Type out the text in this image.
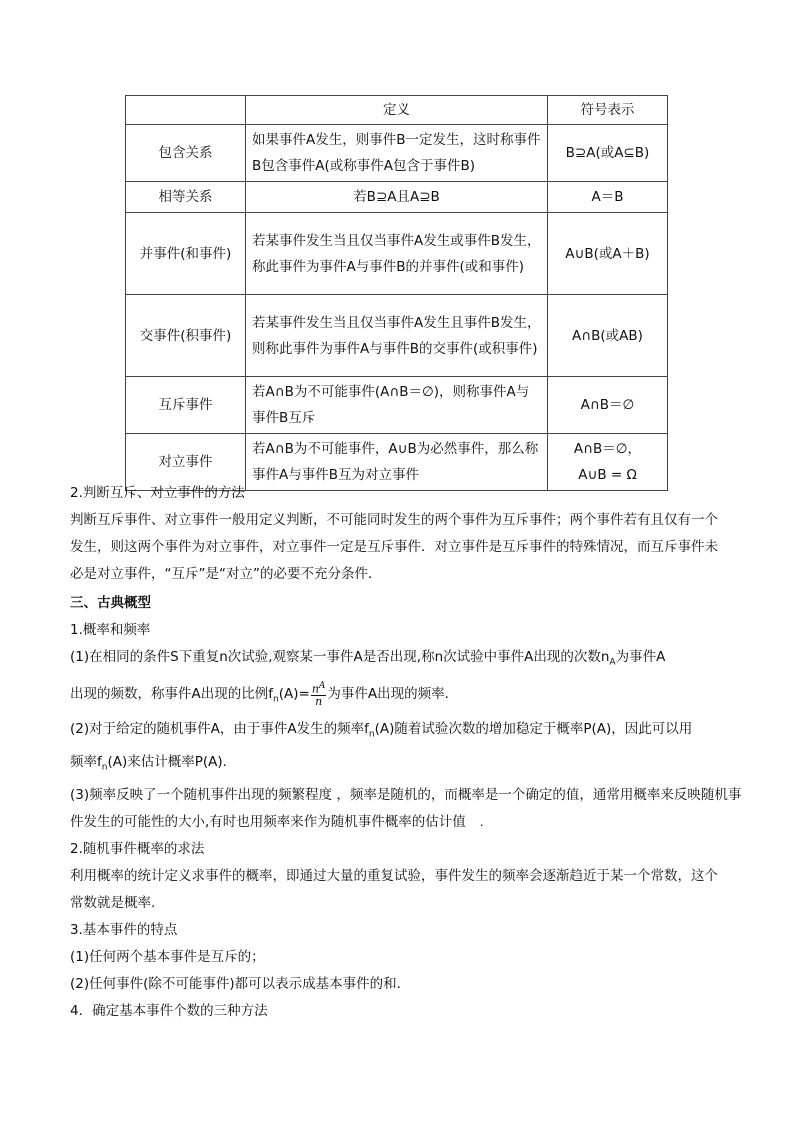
	定义	符号表示
包含关系	如果事件A发生，则事件B一定发生，这时称事件B包含事件A(或称事件A包含于事件B)	B⊇A(或A⊆B)
相等关系	若B⊇A且A⊇B	A＝B
并事件(和事件)	若某事件发生当且仅当事件A发生或事件B发生，称此事件为事件A与事件B的并事件(或和事件)	A∪B(或A＋B)
交事件(积事件)	若某事件发生当且仅当事件A发生且事件B发生，则称此事件为事件A与事件B的交事件(或积事件)	A∩B(或AB)
互斥事件	若A∩B为不可能事件(A∩B＝∅)，则称事件A与事件B互斥	A∩B＝∅
对立事件	若A∩B为不可能事件，A∪B为必然事件，那么称事件A与事件B互为对立事件	A∩B＝∅，
A∪B = Ω
2.判断互斥、对立事件的方法
判断互斥事件、对立事件一般用定义判断，不可能同时发生的两个事件为互斥事件；两个事件若有且仅有一个发生，则这两个事件为对立事件，对立事件一定是互斥事件．对立事件是互斥事件的特殊情况，而互斥事件未必是对立事件，“互斥”是“对立”的必要不充分条件．
三、古典概型
1.概率和频率
(1)在相同的条件S下重复n次试验,观察某一事件A是否出现,称n次试验中事件A出现的次数$n_A$为事件A
出现的频数，称事件A出现的比例$f_n(A)= \frac{n^A}{n}$ 为事件A出现的频率．
(2)对于给定的随机事件A，由于事件A发生的频率$f_n(A)$随着试验次数的增加稳定于概率P(A)，因此可以用
频率$f_n(A)$来估计概率P(A)．
(3)频率反映了一个随机事件出现的频繁程度 ，频率是随机的，而概率是一个确定的值，通常用概率来反映随机事
件发生的可能性的大小,有时也用频率来作为随机事件概率的估计值 .
2.随机事件概率的求法
利用概率的统计定义求事件的概率，即通过大量的重复试验，事件发生的频率会逐渐趋近于某一个常数，这个常数就是概率.
3.基本事件的特点
(1)任何两个基本事件是互斥的；
(2)任何事件(除不可能事件)都可以表示成基本事件的和．
4．确定基本事件个数的三种方法
